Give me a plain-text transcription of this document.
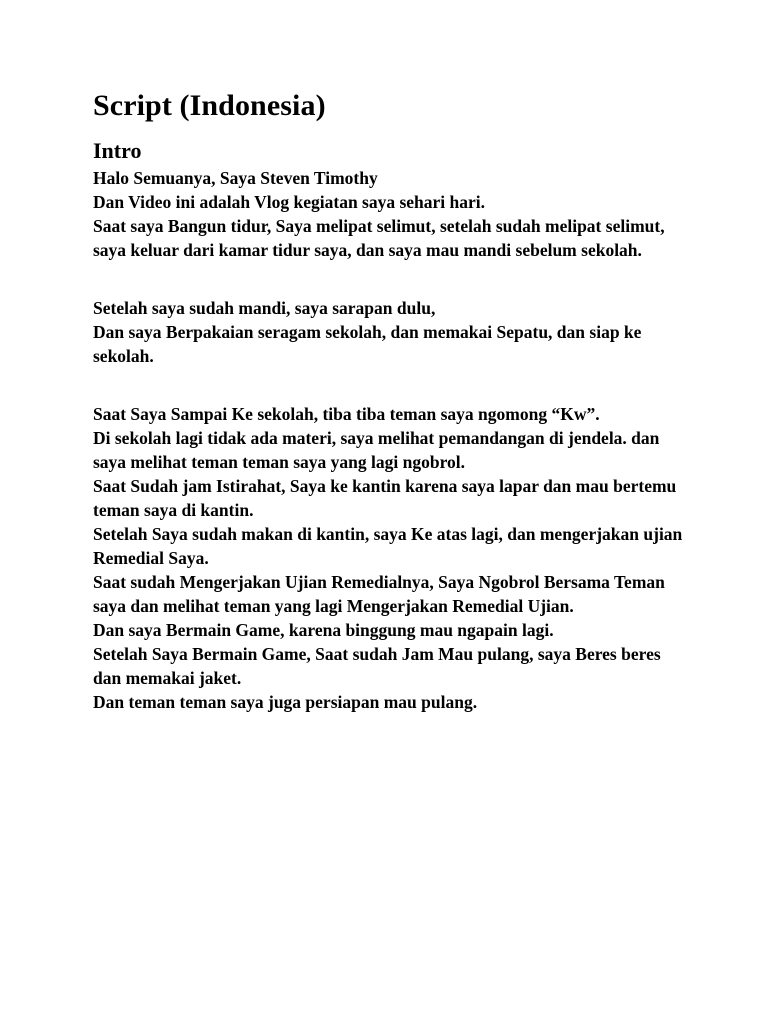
Script (Indonesia)
Intro

Halo Semuanya, Saya Steven Timothy

Dan Video ini adalah Vlog kegiatan saya sehari hari.

Saat saya Bangun tidur, Saya melipat selimut, setelah sudah melipat selimut, saya keluar dari kamar tidur saya, dan saya mau mandi sebelum sekolah.

Setelah saya sudah mandi, saya sarapan dulu,

Dan saya Berpakaian seragam sekolah, dan memakai Sepatu, dan siap ke sekolah.

Saat Saya Sampai Ke sekolah, tiba tiba teman saya ngomong “Kw”.

Di sekolah lagi tidak ada materi, saya melihat pemandangan di jendela. dan saya melihat teman teman saya yang lagi ngobrol.

Saat Sudah jam Istirahat, Saya ke kantin karena saya lapar dan mau bertemu teman saya di kantin.

Setelah Saya sudah makan di kantin, saya Ke atas lagi, dan mengerjakan ujian Remedial Saya.

Saat sudah Mengerjakan Ujian Remedialnya, Saya Ngobrol Bersama Teman saya dan melihat teman yang lagi Mengerjakan Remedial Ujian.

Dan saya Bermain Game, karena binggung mau ngapain lagi.

Setelah Saya Bermain Game, Saat sudah Jam Mau pulang, saya Beres beres dan memakai jaket.

Dan teman teman saya juga persiapan mau pulang.
